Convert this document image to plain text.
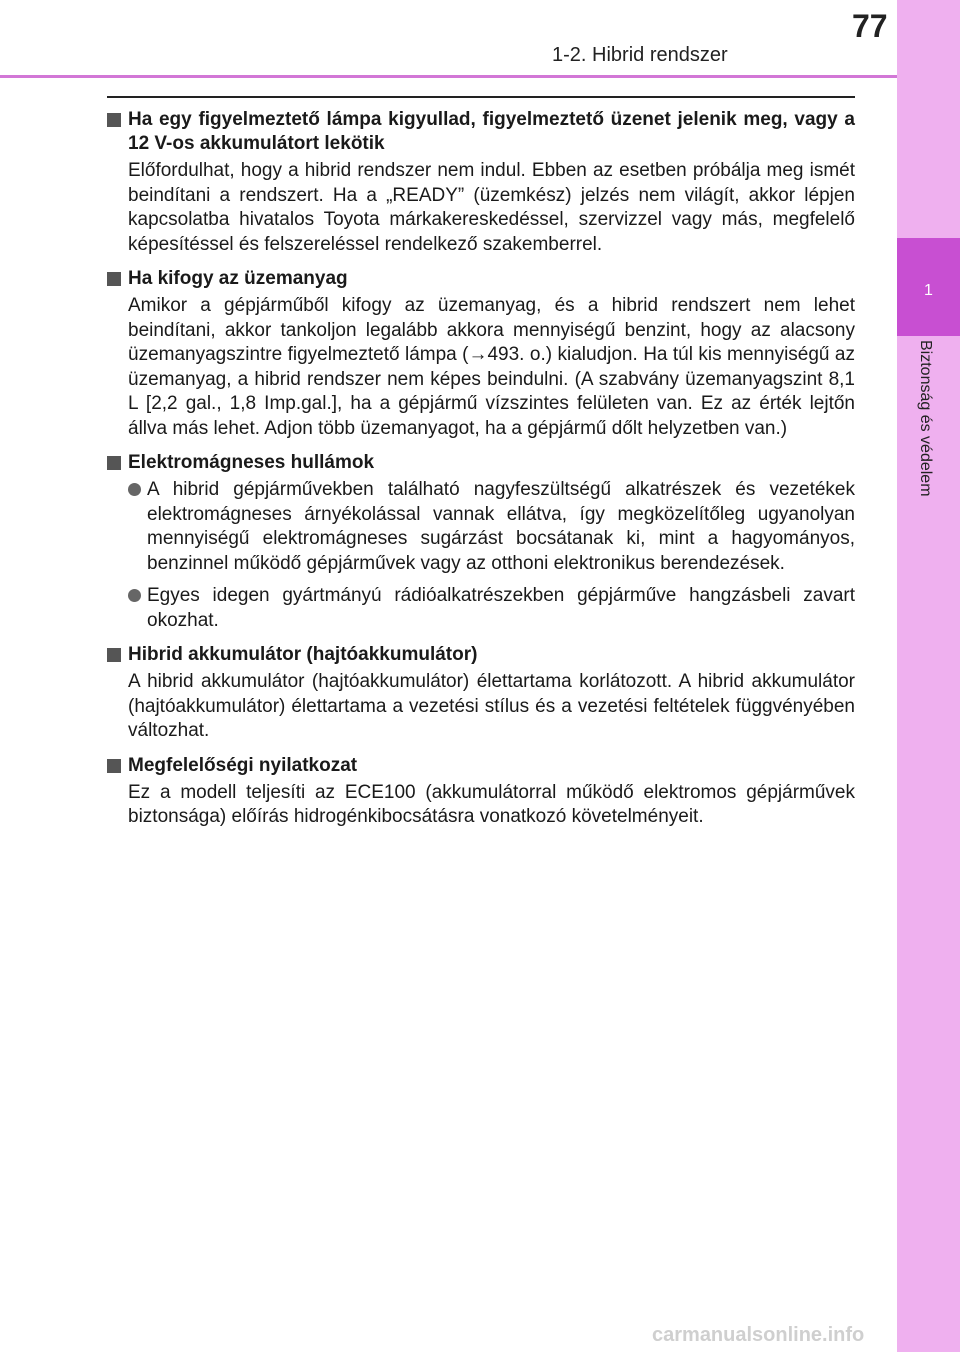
1
Biztonság és védelem
1-2. Hibrid rendszer
77
Ha egy figyelmeztető lámpa kigyullad, figyelmeztető üzenet jelenik meg, vagy a 12 V-os akkumulátort lekötik
Előfordulhat, hogy a hibrid rendszer nem indul. Ebben az esetben próbálja meg ismét beindítani a rendszert. Ha a „READY” (üzemkész) jelzés nem világít, akkor lépjen kapcsolatba hivatalos Toyota márkakereskedéssel, szervizzel vagy más, megfelelő képesítéssel és felszereléssel rendelkező szakemberrel.
Ha kifogy az üzemanyag
Amikor a gépjárműből kifogy az üzemanyag, és a hibrid rendszert nem lehet beindítani, akkor tankoljon legalább akkora mennyiségű benzint, hogy az alacsony üzemanyagszintre figyelmeztető lámpa (→493. o.) kialudjon. Ha túl kis mennyiségű az üzemanyag, a hibrid rendszer nem képes beindulni. (A szabvány üzemanyagszint 8,1 L [2,2 gal., 1,8 Imp.gal.], ha a gépjármű vízszintes felületen van. Ez az érték lejtőn állva más lehet. Adjon több üzemanyagot, ha a gépjármű dőlt helyzetben van.)
Elektromágneses hullámok
A hibrid gépjárművekben található nagyfeszültségű alkatrészek és vezetékek elektromágneses árnyékolással vannak ellátva, így megközelítőleg ugyanolyan mennyiségű elektromágneses sugárzást bocsátanak ki, mint a hagyományos, benzinnel működő gépjárművek vagy az otthoni elektronikus berendezések.
Egyes idegen gyártmányú rádióalkatrészekben gépjárműve hangzásbeli zavart okozhat.
Hibrid akkumulátor (hajtóakkumulátor)
A hibrid akkumulátor (hajtóakkumulátor) élettartama korlátozott. A hibrid akkumulátor (hajtóakkumulátor) élettartama a vezetési stílus és a vezetési feltételek függvényében változhat.
Megfelelőségi nyilatkozat
Ez a modell teljesíti az ECE100 (akkumulátorral működő elektromos gépjárművek biztonsága) előírás hidrogénkibocsátásra vonatkozó követelményeit.
carmanualsonline.info
